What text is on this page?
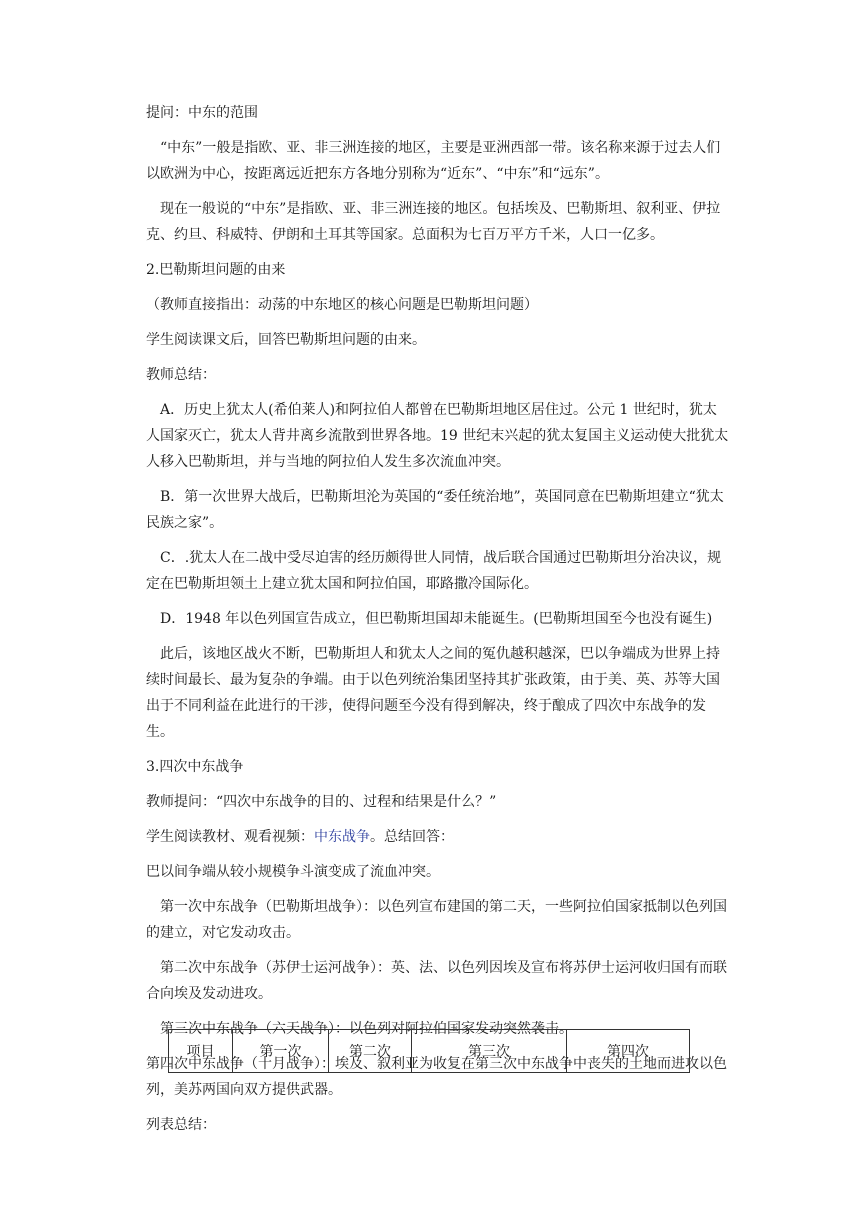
提问：中东的范围

“中东”一般是指欧、亚、非三洲连接的地区，主要是亚洲西部一带。该名称来源于过去人们以欧洲为中心，按距离远近把东方各地分别称为“近东”、“中东”和“远东”。

现在一般说的“中东”是指欧、亚、非三洲连接的地区。包括埃及、巴勒斯坦、叙利亚、伊拉克、约旦、科威特、伊朗和土耳其等国家。总面积为七百万平方千米，人口一亿多。

2.巴勒斯坦问题的由来

（教师直接指出：动荡的中东地区的核心问题是巴勒斯坦问题）

学生阅读课文后，回答巴勒斯坦问题的由来。

教师总结：

A．历史上犹太人(希伯莱人)和阿拉伯人都曾在巴勒斯坦地区居住过。公元 1 世纪时，犹太人国家灭亡，犹太人背井离乡流散到世界各地。19 世纪末兴起的犹太复国主义运动使大批犹太人移入巴勒斯坦，并与当地的阿拉伯人发生多次流血冲突。

B．第一次世界大战后，巴勒斯坦沦为英国的“委任统治地”，英国同意在巴勒斯坦建立“犹太民族之家”。

C．.犹太人在二战中受尽迫害的经历颇得世人同情，战后联合国通过巴勒斯坦分治决议，规定在巴勒斯坦领土上建立犹太国和阿拉伯国，耶路撒冷国际化。

D．1948 年以色列国宣告成立，但巴勒斯坦国却未能诞生。(巴勒斯坦国至今也没有诞生)

此后，该地区战火不断，巴勒斯坦人和犹太人之间的冤仇越积越深，巴以争端成为世界上持续时间最长、最为复杂的争端。由于以色列统治集团坚持其扩张政策，由于美、英、苏等大国出于不同利益在此进行的干涉，使得问题至今没有得到解决，终于酿成了四次中东战争的发生。

3.四次中东战争

教师提问：“四次中东战争的目的、过程和结果是什么？”

学生阅读教材、观看视频：中东战争。总结回答：

巴以间争端从较小规模争斗演变成了流血冲突。

第一次中东战争（巴勒斯坦战争）：以色列宣布建国的第二天，一些阿拉伯国家抵制以色列国的建立，对它发动攻击。

第二次中东战争（苏伊士运河战争）：英、法、以色列因埃及宣布将苏伊士运河收归国有而联合向埃及发动进攻。

第三次中东战争（六天战争）：以色列对阿拉伯国家发动突然袭击。

第四次中东战争（十月战争）：埃及、叙利亚为收复在第三次中东战争中丧失的土地而进攻以色列，美苏两国向双方提供武器。

列表总结：

项目	第一次	第二次	第三次	第四次
